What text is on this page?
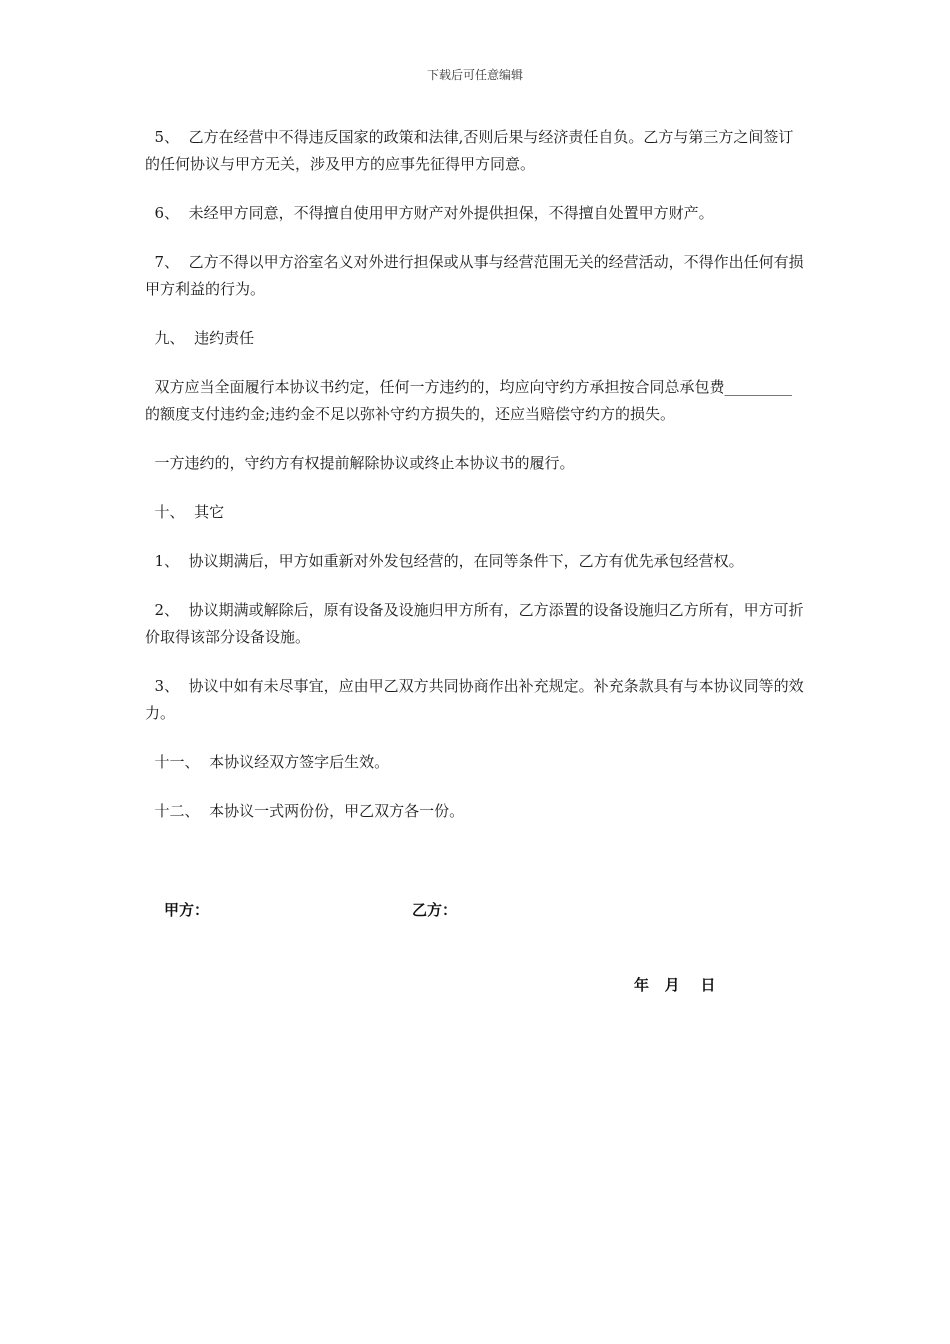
下载后可任意编辑

5、  乙方在经营中不得违反国家的政策和法律,否则后果与经济责任自负。乙方与第三方之间签订的任何协议与甲方无关，涉及甲方的应事先征得甲方同意。

6、  未经甲方同意，不得擅自使用甲方财产对外提供担保，不得擅自处置甲方财产。

7、  乙方不得以甲方浴室名义对外进行担保或从事与经营范围无关的经营活动，不得作出任何有损甲方利益的行为。

九、  违约责任

双方应当全面履行本协议书约定，任何一方违约的，均应向守约方承担按合同总承包费_________的额度支付违约金;违约金不足以弥补守约方损失的，还应当赔偿守约方的损失。

一方违约的，守约方有权提前解除协议或终止本协议书的履行。

十、  其它

1、  协议期满后，甲方如重新对外发包经营的，在同等条件下，乙方有优先承包经营权。

2、  协议期满或解除后，原有设备及设施归甲方所有，乙方添置的设备设施归乙方所有，甲方可折价取得该部分设备设施。

3、  协议中如有未尽事宜，应由甲乙双方共同协商作出补充规定。补充条款具有与本协议同等的效力。

十一、  本协议经双方签字后生效。

十二、  本协议一式两份份，甲乙双方各一份。

甲方：	乙方：
年   月    日
